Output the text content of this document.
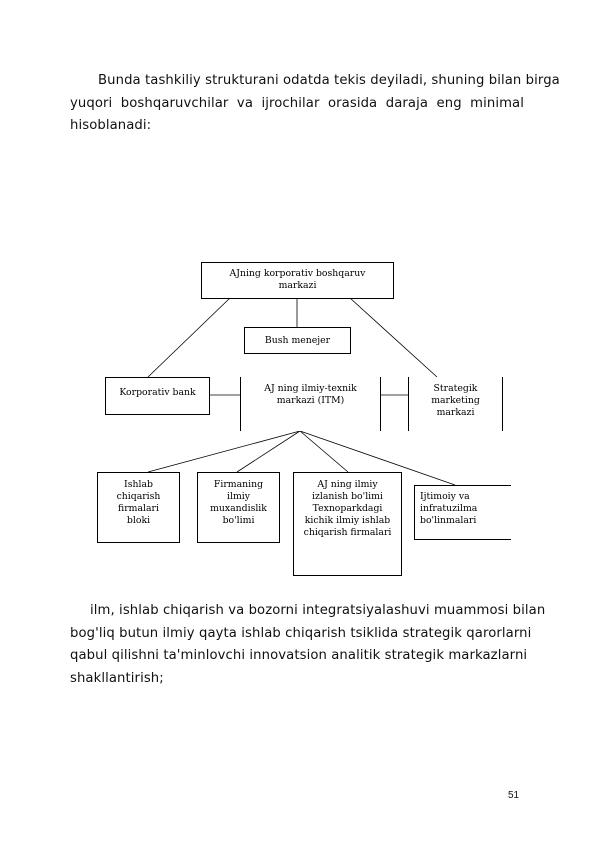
Bunda tashkiliy strukturani odatda tekis deyiladi, shuning bilan birga
yuqori boshqaruvchilar va ijrochilar orasida daraja eng minimal
hisoblanadi:
AJning korporativ boshqaruv
markazi
Bush menejer
Korporativ bank	AJ ning ilmiy-texnik
markazi (ITM)
Strategik
marketing
markazi
Ishlab
chiqarish
firmalari
bloki
Firmaning
ilmiy
muxandislik
bo'limi
AJ ning ilmiy
izlanish bo'limi
Texnoparkdagi
kichik ilmiy ishlab
chiqarish firmalari
Ijtimoiy va
infratuzilma
bo'linmalari
ilm, ishlab chiqarish va bozorni integratsiyalashuvi muammosi bilan
bog'liq butun ilmiy qayta ishlab chiqarish tsiklida strategik qarorlarni
qabul qilishni ta'minlovchi innovatsion analitik strategik markazlarni
shakllantirish;
51
